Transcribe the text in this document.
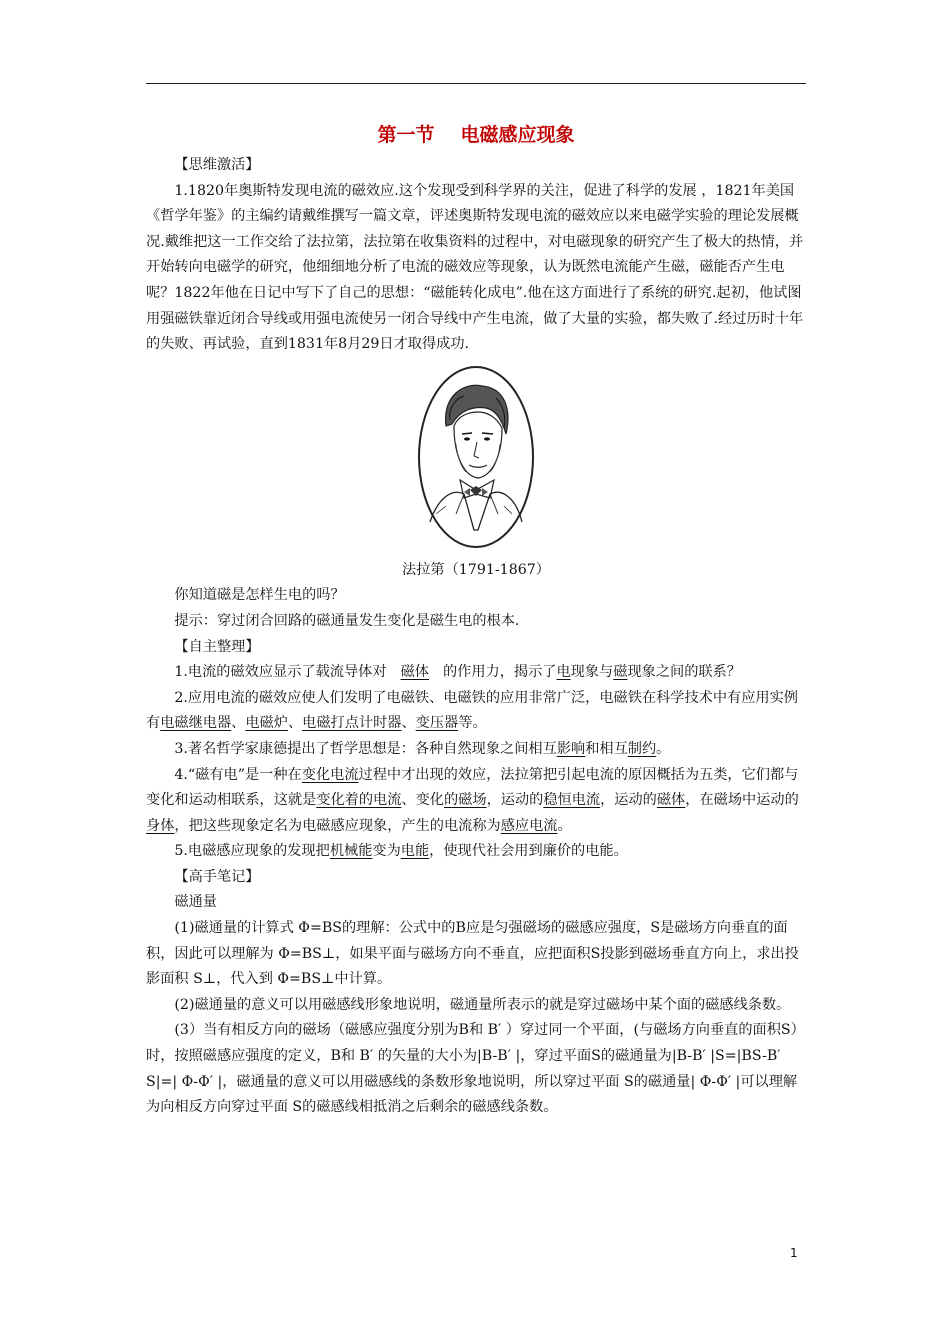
第一节 电磁感应现象

【思维激活】

1.1820年奥斯特发现电流的磁效应.这个发现受到科学界的关注，促进了科学的发展 ，1821年美国《哲学年鉴》的主编约请戴维撰写一篇文章，评述奥斯特发现电流的磁效应以来电磁学实验的理论发展概况.戴维把这一工作交给了法拉第，法拉第在收集资料的过程中，对电磁现象的研究产生了极大的热情，并开始转向电磁学的研究，他细细地分析了电流的磁效应等现象，认为既然电流能产生磁，磁能否产生电呢？1822年他在日记中写下了自己的思想：“磁能转化成电”.他在这方面进行了系统的研究.起初，他试图用强磁铁靠近闭合导线或用强电流使另一闭合导线中产生电流，做了大量的实验，都失败了.经过历时十年的失败、再试验，直到1831年8月29日才取得成功.

法拉第（1791-1867）

你知道磁是怎样生电的吗？

提示：穿过闭合回路的磁通量发生变化是磁生电的根本.

【自主整理】

1.电流的磁效应显示了载流导体对 磁体 的作用力，揭示了电现象与磁现象之间的联系？

2.应用电流的磁效应使人们发明了电磁铁、电磁铁的应用非常广泛，电磁铁在科学技术中有应用实例有电磁继电器、电磁炉、电磁打点计时器、变压器等。

3.著名哲学家康德提出了哲学思想是：各种自然现象之间相互影响和相互制约。

4.“磁有电”是一种在变化电流过程中才出现的效应，法拉第把引起电流的原因概括为五类，它们都与变化和运动相联系，这就是变化着的电流、变化的磁场，运动的稳恒电流，运动的磁体，在磁场中运动的身体，把这些现象定名为电磁感应现象，产生的电流称为感应电流。

5.电磁感应现象的发现把机械能变为电能，使现代社会用到廉价的电能。

【高手笔记】

磁通量

(1)磁通量的计算式 Φ=BS的理解：公式中的B应是匀强磁场的磁感应强度，S是磁场方向垂直的面积，因此可以理解为 Φ=BS⊥，如果平面与磁场方向不垂直，应把面积S投影到磁场垂直方向上，求出投影面积 S⊥，代入到 Φ=BS⊥中计算。

(2)磁通量的意义可以用磁感线形象地说明，磁通量所表示的就是穿过磁场中某个面的磁感线条数。

(3）当有相反方向的磁场（磁感应强度分别为B和 B′ ）穿过同一个平面，(与磁场方向垂直的面积S）时，按照磁感应强度的定义，B和 B′ 的矢量的大小为|B-B′ |，穿过平面S的磁通量为|B-B′ |S=|BS-B′ S|=| Φ-Φ′ |，磁通量的意义可以用磁感线的条数形象地说明，所以穿过平面 S的磁通量| Φ-Φ′ |可以理解为向相反方向穿过平面 S的磁感线相抵消之后剩余的磁感线条数。

1
